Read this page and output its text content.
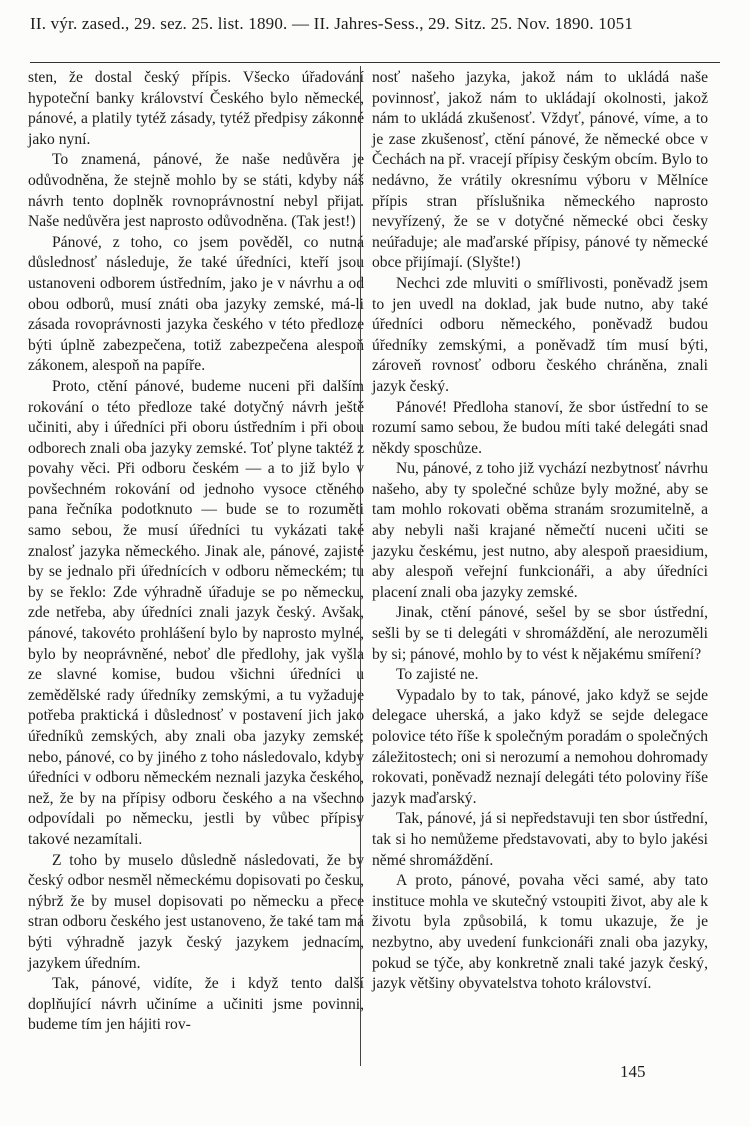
II. výr. zased., 29. sez. 25. list. 1890. — II. Jahres-Sess., 29. Sitz. 25. Nov. 1890. 1051

sten, že dostal český přípis. Všecko úřadování hypoteční banky království Českého bylo německé, pánové, a platily tytéž zásady, tytéž předpisy zákonné jako nyní.

To znamená, pánové, že naše nedůvěra je odůvodněna, že stejně mohlo by se státi, kdyby náš návrh tento doplněk rovnoprávnostní nebyl přijat. Naše nedůvěra jest naprosto odůvodněna. (Tak jest!)

Pánové, z toho, co jsem pověděl, co nutná důslednosť následuje, že také úředníci, kteří jsou ustanoveni odborem ústředním, jako je v návrhu a od obou odborů, musí znáti oba jazyky zemské, má-li zásada rovoprávnosti jazyka českého v této předloze býti úplně zabezpečena, totiž zabezpečena alespoň zákonem, alespoň na papíře.

Proto, ctění pánové, budeme nuceni při dalším rokování o této předloze také dotyčný návrh ještě učiniti, aby i úředníci při oboru ústředním i při obou odborech znali oba jazyky zemské. Toť plyne taktéž z povahy věci. Při odboru českém — a to již bylo v povšechném rokování od jednoho vysoce ctěného pana řečníka podotknuto — bude se to rozuměti samo sebou, že musí úředníci tu vykázati také znalosť jazyka německého. Jinak ale, pánové, zajisté by se jednalo při úřednících v odboru německém; tu by se řeklo: Zde výhradně úřaduje se po německu, zde netřeba, aby úředníci znali jazyk český. Avšak, pánové, takovéto prohlášení bylo by naprosto mylné, bylo by neoprávněné, neboť dle předlohy, jak vyšla ze slavné komise, budou všichni úředníci u zemědělské rady úředníky zemskými, a tu vyžaduje potřeba praktická i důslednosť v postavení jich jako úředníků zemských, aby znali oba jazyky zemské; nebo, pánové, co by jiného z toho následovalo, kdyby úředníci v odboru německém neznali jazyka českého, než, že by na přípisy odboru českého a na všechno odpovídali po německu, jestli by vůbec přípisy takové nezamítali.

Z toho by muselo důsledně následovati, že by český odbor nesměl německému dopisovati po česku, nýbrž že by musel dopisovati po německu a přece stran odboru českého jest ustanoveno, že také tam má býti výhradně jazyk český jazykem jednacím, jazykem úředním.

Tak, pánové, vidíte, že i když tento další doplňující návrh učiníme a učiniti jsme povinni, budeme tím jen hájiti rov-

nosť našeho jazyka, jakož nám to ukládá naše povinnosť, jakož nám to ukládají okolnosti, jakož nám to ukládá zkušenosť. Vždyť, pánové, víme, a to je zase zkušenosť, ctění pánové, že německé obce v Čechách na př. vracejí přípisy českým obcím. Bylo to nedávno, že vrátily okresnímu výboru v Mělníce přípis stran příslušnika německého naprosto nevyřízený, že se v dotyčné německé obci česky neúřaduje; ale maďarské přípisy, pánové ty německé obce přijímají. (Slyšte!)

Nechci zde mluviti o smířlivosti, poněvadž jsem to jen uvedl na doklad, jak bude nutno, aby také úředníci odboru německého, poněvadž budou úředníky zemskými, a poněvadž tím musí býti, zároveň rovnosť odboru českého chráněna, znali jazyk český.

Pánové! Předloha stanoví, že sbor ústřední to se rozumí samo sebou, že budou míti také delegáti snad někdy sposchůze.

Nu, pánové, z toho již vychází nezbytnosť návrhu našeho, aby ty společné schůze byly možné, aby se tam mohlo rokovati oběma stranám srozumitelně, a aby nebyli naši krajané němečtí nuceni učiti se jazyku českému, jest nutno, aby alespoň praesidium, aby alespoň veřejní funkcionáři, a aby úředníci placení znali oba jazyky zemské.

Jinak, ctění pánové, sešel by se sbor ústřední, sešli by se ti delegáti v shromáždění, ale nerozuměli by si; pánové, mohlo by to vést k nějakému smíření?

To zajisté ne.

Vypadalo by to tak, pánové, jako když se sejde delegace uherská, a jako když se sejde delegace polovice této říše k společným poradám o společných záležitostech; oni si nerozumí a nemohou dohromady rokovati, poněvadž neznají delegáti této poloviny říše jazyk maďarský.

Tak, pánové, já si nepředstavuji ten sbor ústřední, tak si ho nemůžeme představovati, aby to bylo jakési němé shromáždění.

A proto, pánové, povaha věci samé, aby tato instituce mohla ve skutečný vstoupiti život, aby ale k životu byla způsobilá, k tomu ukazuje, že je nezbytno, aby uvedení funkcionáři znali oba jazyky, pokud se týče, aby konkretně znali také jazyk český, jazyk většiny obyvatelstva tohoto království.

145
